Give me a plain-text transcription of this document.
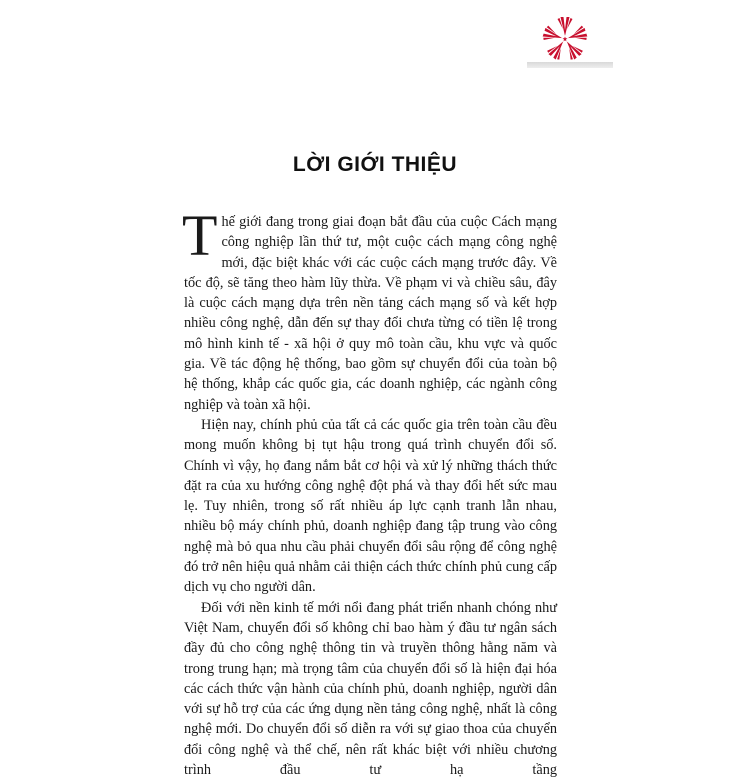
LỜI GIỚI THIỆU

Thế giới đang trong giai đoạn bắt đầu của cuộc Cách mạng công nghiệp lần thứ tư, một cuộc cách mạng công nghệ mới, đặc biệt khác với các cuộc cách mạng trước đây. Về tốc độ, sẽ tăng theo hàm lũy thừa. Về phạm vi và chiều sâu, đây là cuộc cách mạng dựa trên nền tảng cách mạng số và kết hợp nhiều công nghệ, dẫn đến sự thay đổi chưa từng có tiền lệ trong mô hình kinh tế - xã hội ở quy mô toàn cầu, khu vực và quốc gia. Về tác động hệ thống, bao gồm sự chuyển đổi của toàn bộ hệ thống, khắp các quốc gia, các doanh nghiệp, các ngành công nghiệp và toàn xã hội.

Hiện nay, chính phủ của tất cả các quốc gia trên toàn cầu đều mong muốn không bị tụt hậu trong quá trình chuyển đổi số. Chính vì vậy, họ đang nắm bắt cơ hội và xử lý những thách thức đặt ra của xu hướng công nghệ đột phá và thay đổi hết sức mau lẹ. Tuy nhiên, trong số rất nhiều áp lực cạnh tranh lẫn nhau, nhiều bộ máy chính phủ, doanh nghiệp đang tập trung vào công nghệ mà bỏ qua nhu cầu phải chuyển đổi sâu rộng để công nghệ đó trở nên hiệu quả nhằm cải thiện cách thức chính phủ cung cấp dịch vụ cho người dân.

Đối với nền kinh tế mới nổi đang phát triển nhanh chóng như Việt Nam, chuyển đổi số không chỉ bao hàm ý đầu tư ngân sách đầy đủ cho công nghệ thông tin và truyền thông hằng năm và trong trung hạn; mà trọng tâm của chuyển đổi số là hiện đại hóa các cách thức vận hành của chính phủ, doanh nghiệp, người dân với sự hỗ trợ của các ứng dụng nền tảng công nghệ, nhất là công nghệ mới. Do chuyển đổi số diễn ra với sự giao thoa của chuyển đổi công nghệ và thể chế, nên rất khác biệt với nhiều chương trình đầu tư hạ tầng
